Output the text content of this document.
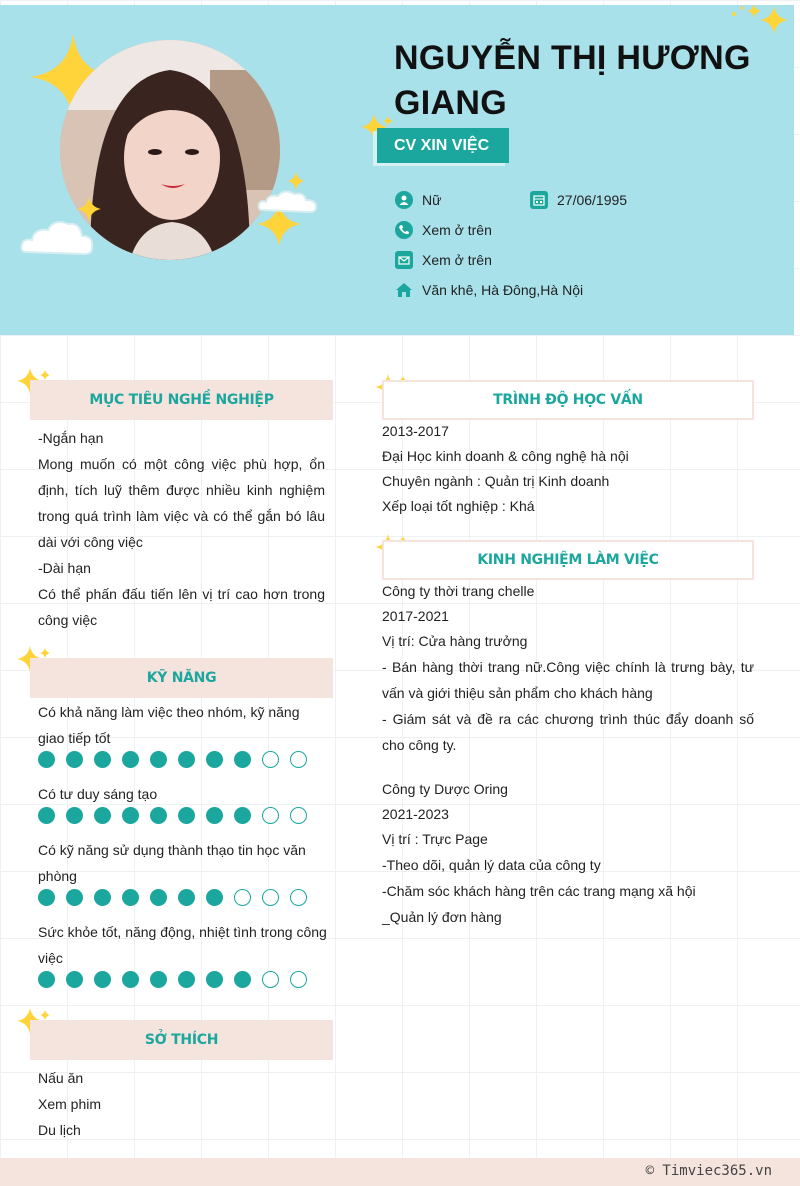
NGUYỄN THỊ HƯƠNG
GIANG
CV XIN VIỆC
Nữ	27/06/1995
Xem ở trên
Xem ở trên
Văn khê, Hà Đông,Hà Nội
MỤC TIÊU NGHỀ NGHIỆP
-Ngắn hạn
Mong muốn có một công việc phù hợp, ổn định, tích luỹ thêm được nhiều kinh nghiệm trong quá trình làm việc và có thể gắn bó lâu dài với công việc
-Dài hạn
Có thể phấn đấu tiến lên vị trí cao hơn trong công việc
KỸ NĂNG
Có khả năng làm việc theo nhóm, kỹ năng giao tiếp tốt
Có tư duy sáng tạo
Có kỹ năng sử dụng thành thạo tin học văn phòng
Sức khỏe tốt, năng động, nhiệt tình trong công việc
SỞ THÍCH
Nấu ăn
Xem phim
Du lịch
TRÌNH ĐỘ HỌC VẤN
2013-2017
Đại Học kinh doanh & công nghệ hà nội
Chuyên ngành : Quản trị Kinh doanh
Xếp loại tốt nghiệp : Khá
KINH NGHIỆM LÀM VIỆC
Công ty thời trang chelle
2017-2021
Vị trí: Cửa hàng trưởng
- Bán hàng thời trang nữ.Công việc chính là trưng bày, tư vấn và giới thiệu sản phẩm cho khách hàng
- Giám sát và đề ra các chương trình thúc đẩy doanh số cho công ty.
Công ty Dược Oring
2021-2023
Vị trí : Trực Page
-Theo dõi, quản lý data của công ty
-Chăm sóc khách hàng trên các trang mạng xã hội
_Quản lý đơn hàng
© Timviec365.vn
